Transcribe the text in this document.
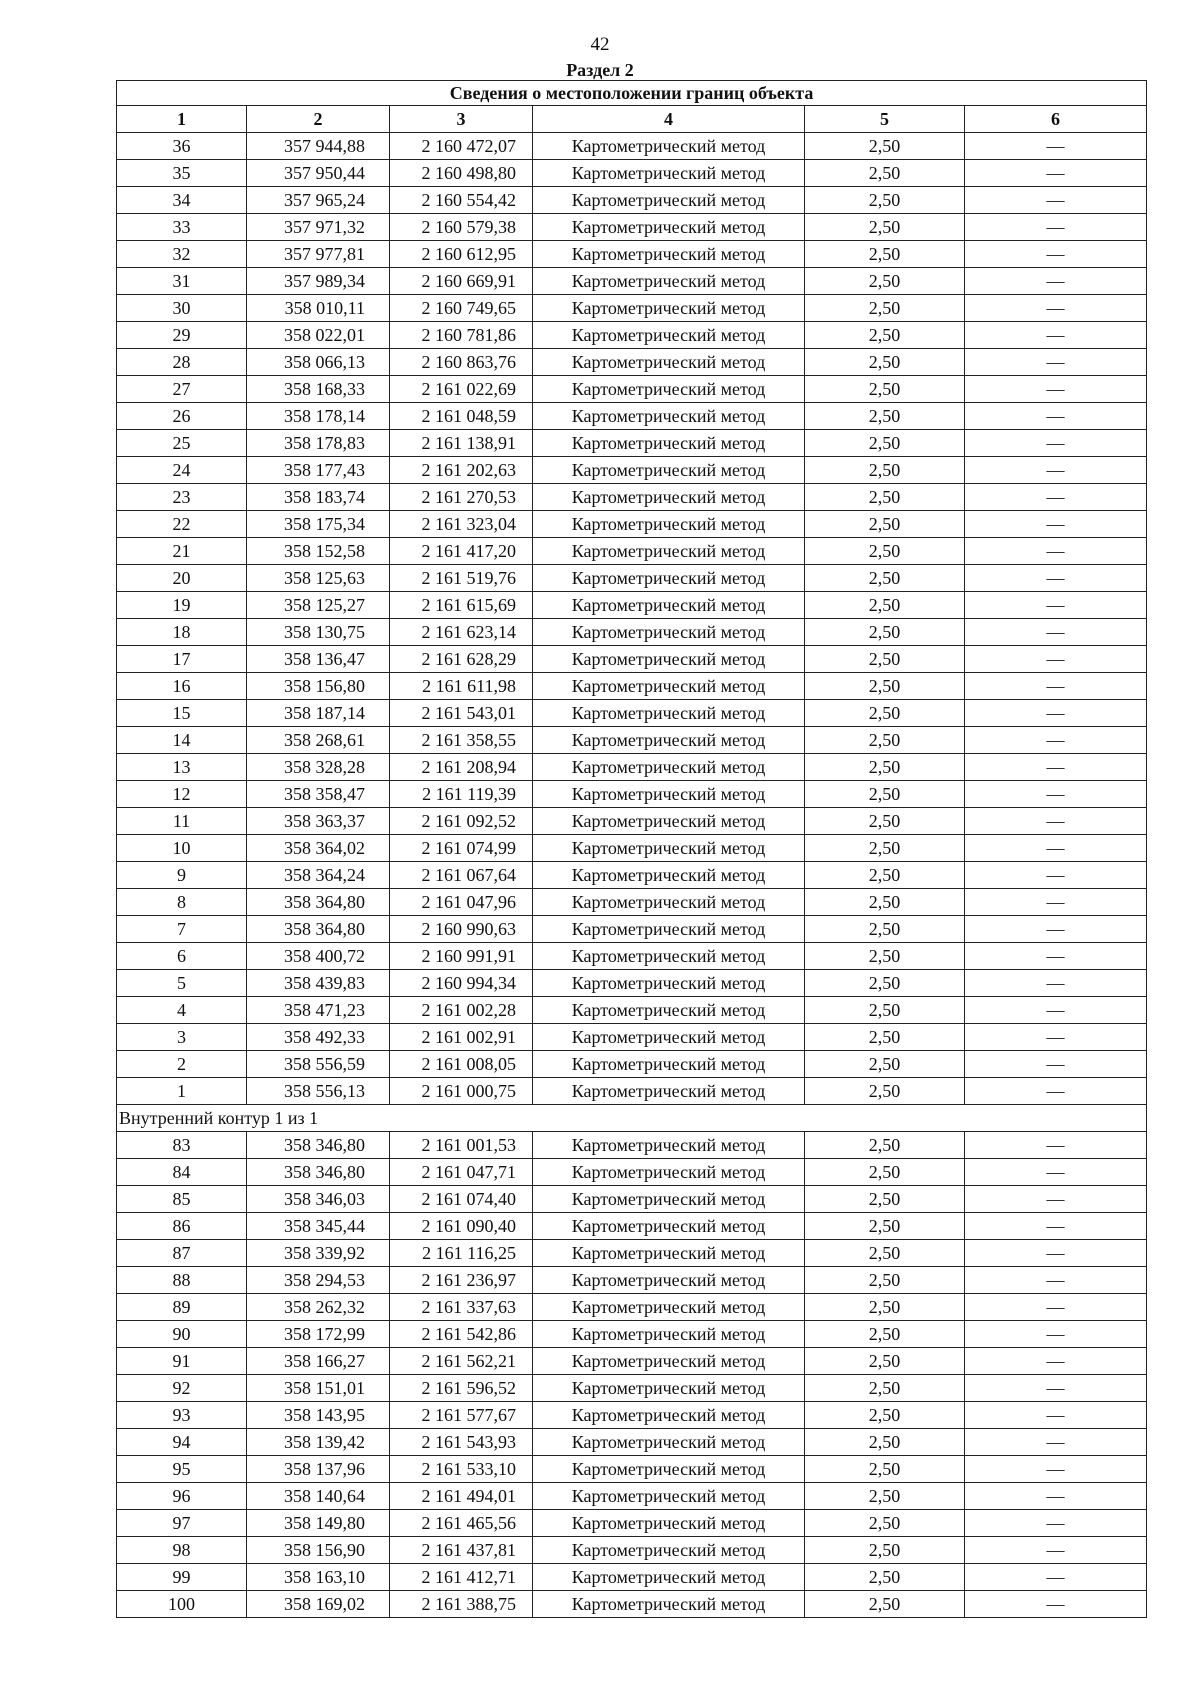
42
Раздел 2
Сведения о местоположении границ объекта					
1	2	3	4	5	6
36	357 944,88	2 160 472,07	Картометрический метод	2,50	—
35	357 950,44	2 160 498,80	Картометрический метод	2,50	—
34	357 965,24	2 160 554,42	Картометрический метод	2,50	—
33	357 971,32	2 160 579,38	Картометрический метод	2,50	—
32	357 977,81	2 160 612,95	Картометрический метод	2,50	—
31	357 989,34	2 160 669,91	Картометрический метод	2,50	—
30	358 010,11	2 160 749,65	Картометрический метод	2,50	—
29	358 022,01	2 160 781,86	Картометрический метод	2,50	—
28	358 066,13	2 160 863,76	Картометрический метод	2,50	—
27	358 168,33	2 161 022,69	Картометрический метод	2,50	—
26	358 178,14	2 161 048,59	Картометрический метод	2,50	—
25	358 178,83	2 161 138,91	Картометрический метод	2,50	—
24	358 177,43	2 161 202,63	Картометрический метод	2,50	—
23	358 183,74	2 161 270,53	Картометрический метод	2,50	—
22	358 175,34	2 161 323,04	Картометрический метод	2,50	—
21	358 152,58	2 161 417,20	Картометрический метод	2,50	—
20	358 125,63	2 161 519,76	Картометрический метод	2,50	—
19	358 125,27	2 161 615,69	Картометрический метод	2,50	—
18	358 130,75	2 161 623,14	Картометрический метод	2,50	—
17	358 136,47	2 161 628,29	Картометрический метод	2,50	—
16	358 156,80	2 161 611,98	Картометрический метод	2,50	—
15	358 187,14	2 161 543,01	Картометрический метод	2,50	—
14	358 268,61	2 161 358,55	Картометрический метод	2,50	—
13	358 328,28	2 161 208,94	Картометрический метод	2,50	—
12	358 358,47	2 161 119,39	Картометрический метод	2,50	—
11	358 363,37	2 161 092,52	Картометрический метод	2,50	—
10	358 364,02	2 161 074,99	Картометрический метод	2,50	—
9	358 364,24	2 161 067,64	Картометрический метод	2,50	—
8	358 364,80	2 161 047,96	Картометрический метод	2,50	—
7	358 364,80	2 160 990,63	Картометрический метод	2,50	—
6	358 400,72	2 160 991,91	Картометрический метод	2,50	—
5	358 439,83	2 160 994,34	Картометрический метод	2,50	—
4	358 471,23	2 161 002,28	Картометрический метод	2,50	—
3	358 492,33	2 161 002,91	Картометрический метод	2,50	—
2	358 556,59	2 161 008,05	Картометрический метод	2,50	—
1	358 556,13	2 161 000,75	Картометрический метод	2,50	—
Внутренний контур 1 из 1					
83	358 346,80	2 161 001,53	Картометрический метод	2,50	—
84	358 346,80	2 161 047,71	Картометрический метод	2,50	—
85	358 346,03	2 161 074,40	Картометрический метод	2,50	—
86	358 345,44	2 161 090,40	Картометрический метод	2,50	—
87	358 339,92	2 161 116,25	Картометрический метод	2,50	—
88	358 294,53	2 161 236,97	Картометрический метод	2,50	—
89	358 262,32	2 161 337,63	Картометрический метод	2,50	—
90	358 172,99	2 161 542,86	Картометрический метод	2,50	—
91	358 166,27	2 161 562,21	Картометрический метод	2,50	—
92	358 151,01	2 161 596,52	Картометрический метод	2,50	—
93	358 143,95	2 161 577,67	Картометрический метод	2,50	—
94	358 139,42	2 161 543,93	Картометрический метод	2,50	—
95	358 137,96	2 161 533,10	Картометрический метод	2,50	—
96	358 140,64	2 161 494,01	Картометрический метод	2,50	—
97	358 149,80	2 161 465,56	Картометрический метод	2,50	—
98	358 156,90	2 161 437,81	Картометрический метод	2,50	—
99	358 163,10	2 161 412,71	Картометрический метод	2,50	—
100	358 169,02	2 161 388,75	Картометрический метод	2,50	—
